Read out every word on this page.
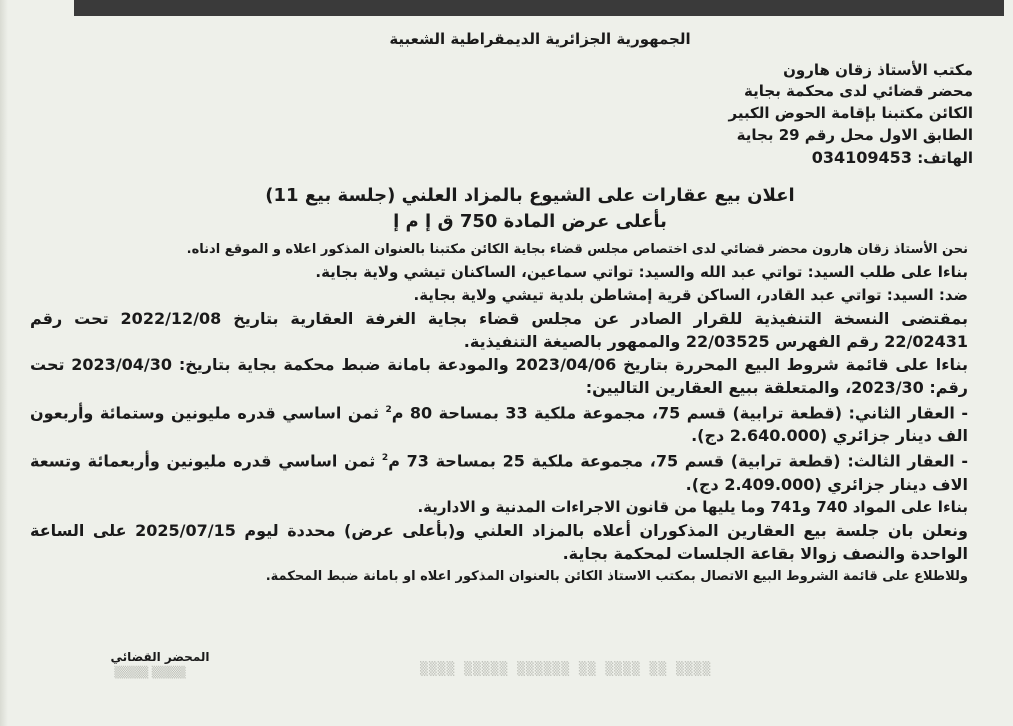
الجمهورية الجزائرية الديمقراطية الشعبية
مكتب الأستاذ زقان هارون
محضر قضائي لدى محكمة بجاية
الكائن مكتبنا بإقامة الحوض الكبير
الطابق الاول محل رقم 29 بجاية
الهاتف: 034109453
اعلان بيع عقارات على الشيوع بالمزاد العلني (جلسة بيع 11)
بأعلى عرض المادة 750 ق إ م إ

نحن الأستاذ زقان هارون محضر قضائي لدى اختصاص مجلس قضاء بجاية الكائن مكتبنا بالعنوان المذكور اعلاه و الموقع ادناه.

بناءا على طلب السيد: تواتي عبد الله والسيد: تواتي سماعين، الساكنان تيشي ولاية بجاية.

ضد: السيد: تواتي عبد القادر، الساكن قرية إمشاطن بلدية تيشي ولاية بجاية.

بمقتضى النسخة التنفيذية للقرار الصادر عن مجلس قضاء بجاية الغرفة العقارية بتاريخ 2022/12/08 تحت رقم 22/02431 رقم الفهرس 22/03525 والممهور بالصيغة التنفيذية.

بناءا على قائمة شروط البيع المحررة بتاريخ 2023/04/06 والمودعة بامانة ضبط محكمة بجاية بتاريخ: 2023/04/30 تحت رقم: 2023/30، والمتعلقة ببيع العقارين التاليين:

- العقار الثاني: (قطعة ترابية) قسم 75، مجموعة ملكية 33 بمساحة 80 م$^2$ ثمن اساسي قدره مليونين وستمائة وأربعون الف دينار جزائري (2.640.000 دج).

- العقار الثالث: (قطعة ترابية) قسم 75، مجموعة ملكية 25 بمساحة 73 م$^2$ ثمن اساسي قدره مليونين وأربعمائة وتسعة الاف دينار جزائري (2.409.000 دج).

بناءا على المواد 740 و741 وما يليها من قانون الاجراءات المدنية و الادارية.

ونعلن بان جلسة بيع العقارين المذكوران أعلاه بالمزاد العلني و(بأعلى عرض) محددة ليوم 2025/07/15 على الساعة الواحدة والنصف زوالا بقاعة الجلسات لمحكمة بجاية.

وللاطلاع على قائمة الشروط البيع الاتصال بمكتب الاستاذ الكائن بالعنوان المذكور اعلاه او بامانة ضبط المحكمة.

المحضر القضائي
▒▒▒▒ ▒▒ ▒▒▒▒ ▒▒ ▒▒▒▒▒▒ ▒▒▒▒▒ ▒▒▒▒
▒▒▒▒ ▒▒▒▒
